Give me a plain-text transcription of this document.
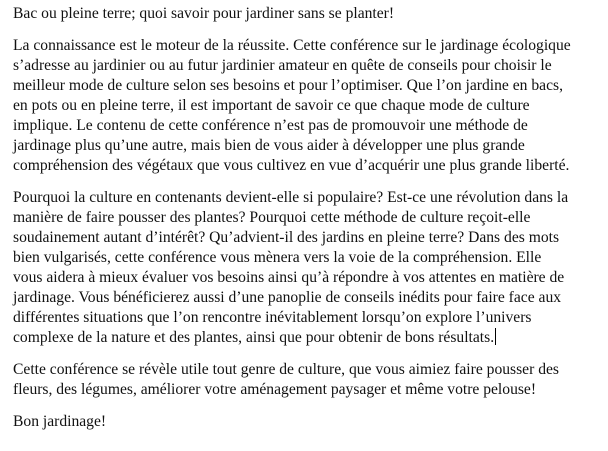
Bac ou pleine terre; quoi savoir pour jardiner sans se planter!

La connaissance est le moteur de la réussite. Cette conférence sur le jardinage écologique
s’adresse au jardinier ou au futur jardinier amateur en quête de conseils pour choisir le
meilleur mode de culture selon ses besoins et pour l’optimiser. Que l’on jardine en bacs,
en pots ou en pleine terre, il est important de savoir ce que chaque mode de culture
implique. Le contenu de cette conférence n’est pas de promouvoir une méthode de
jardinage plus qu’une autre, mais bien de vous aider à développer une plus grande
compréhension des végétaux que vous cultivez en vue d’acquérir une plus grande liberté.

Pourquoi la culture en contenants devient-elle si populaire? Est-ce une révolution dans la
manière de faire pousser des plantes? Pourquoi cette méthode de culture reçoit-elle
soudainement autant d’intérêt? Qu’advient-il des jardins en pleine terre? Dans des mots
bien vulgarisés, cette conférence vous mènera vers la voie de la compréhension. Elle
vous aidera à mieux évaluer vos besoins ainsi qu’à répondre à vos attentes en matière de
jardinage. Vous bénéficierez aussi d’une panoplie de conseils inédits pour faire face aux
différentes situations que l’on rencontre inévitablement lorsqu’on explore l’univers
complexe de la nature et des plantes, ainsi que pour obtenir de bons résultats.

Cette conférence se révèle utile tout genre de culture, que vous aimiez faire pousser des
fleurs, des légumes, améliorer votre aménagement paysager et même votre pelouse!

Bon jardinage!
